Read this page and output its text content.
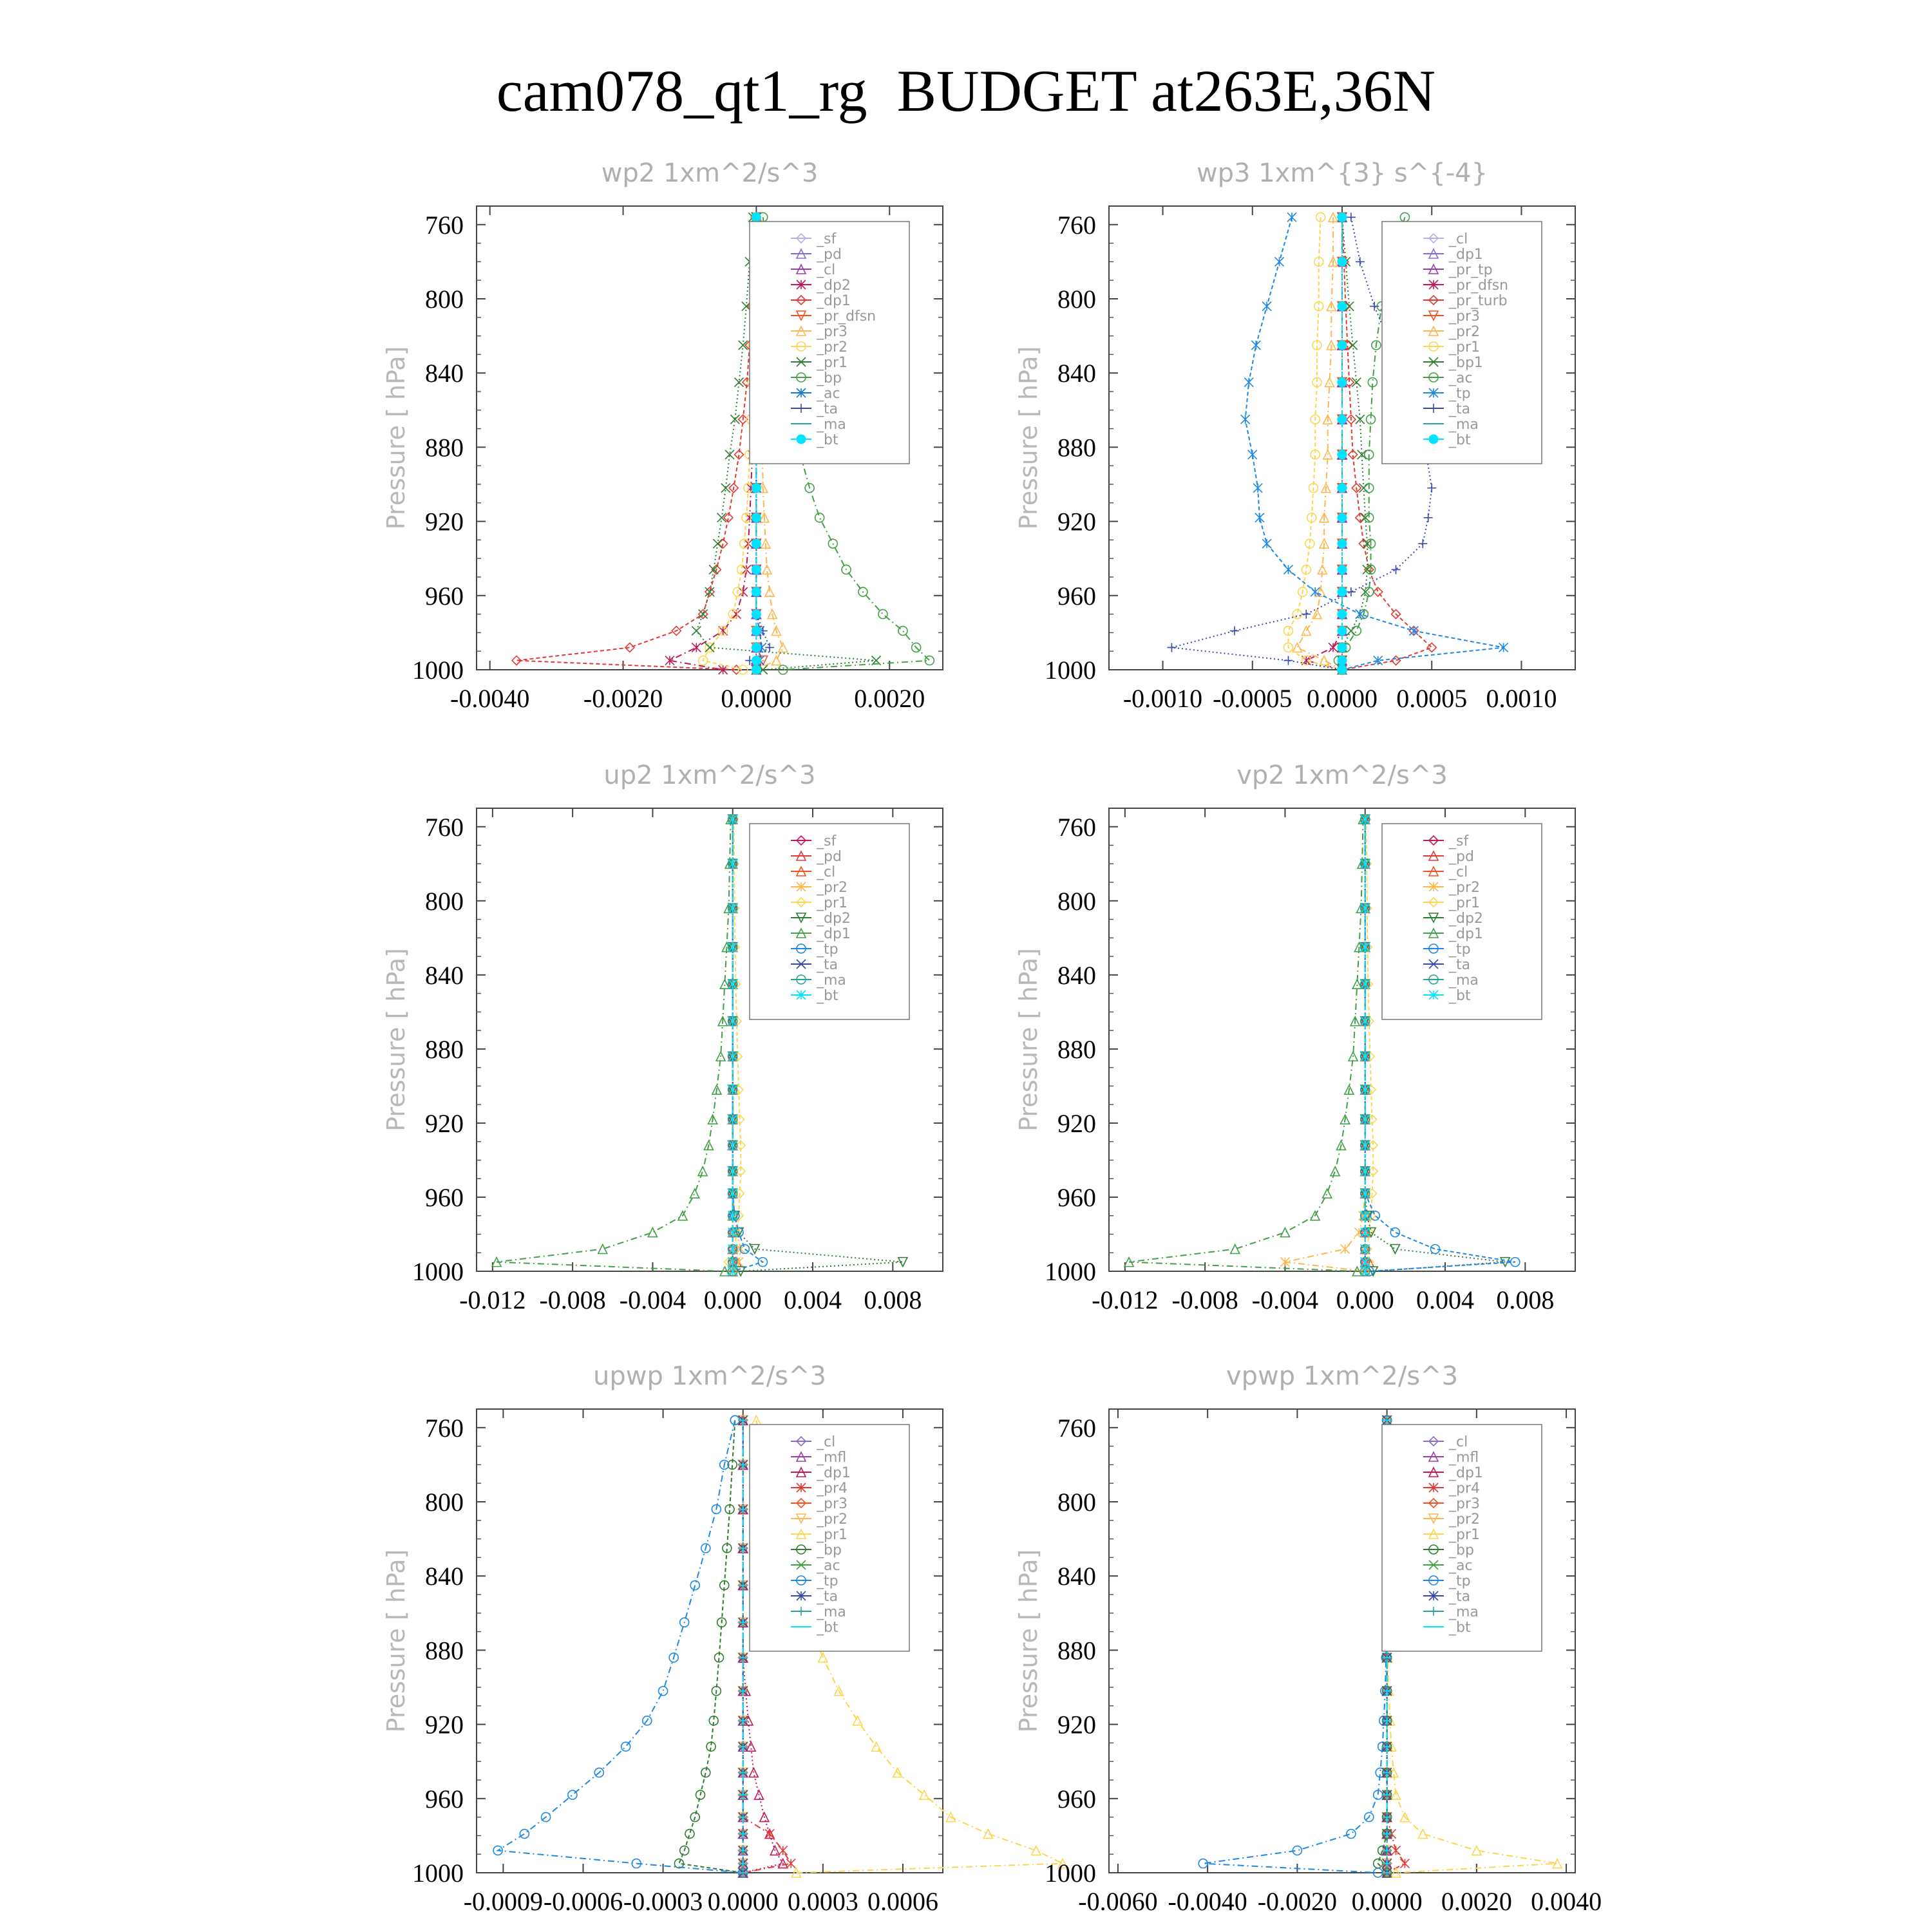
cam078_qt1_rg  BUDGET at263E,36N
wp2 1xm^2/s^3
Pressure [ hPa]
760
800
840
880
920
960
1000
-0.0040 -0.0020 0.0000 0.0020
_sf
_pd
_cl
_dp2
_dp1
_pr_dfsn
_pr3
_pr2
_pr1
_bp
_ac
_ta
_ma
_bt
wp3 1xm^{3} s^{-4}
Pressure [ hPa]
760
800
840
880
920
960
1000
-0.0010 -0.0005 0.0000 0.0005 0.0010
_cl
_dp1
_pr_tp
_pr_dfsn
_pr_turb
_pr3
_pr2
_pr1
_bp1
_ac
_tp
_ta
_ma
_bt
up2 1xm^2/s^3
Pressure [ hPa]
760
800
840
880
920
960
1000
-0.012 -0.008 -0.004 0.000 0.004 0.008
_sf
_pd
_cl
_pr2
_pr1
_dp2
_dp1
_tp
_ta
_ma
_bt
vp2 1xm^2/s^3
Pressure [ hPa]
760
800
840
880
920
960
1000
-0.012 -0.008 -0.004 0.000 0.004 0.008
_sf
_pd
_cl
_pr2
_pr1
_dp2
_dp1
_tp
_ta
_ma
_bt
upwp 1xm^2/s^3
Pressure [ hPa]
760
800
840
880
920
960
1000
-0.0009 -0.0006 -0.0003 0.0000 0.0003 0.0006
_cl
_mfl
_dp1
_pr4
_pr3
_pr2
_pr1
_bp
_ac
_tp
_ta
_ma
_bt
vpwp 1xm^2/s^3
Pressure [ hPa]
760
800
840
880
920
960
1000
-0.0060 -0.0040 -0.0020 0.0000 0.0020 0.0040
_cl
_mfl
_dp1
_pr4
_pr3
_pr2
_pr1
_bp
_ac
_tp
_ta
_ma
_bt
